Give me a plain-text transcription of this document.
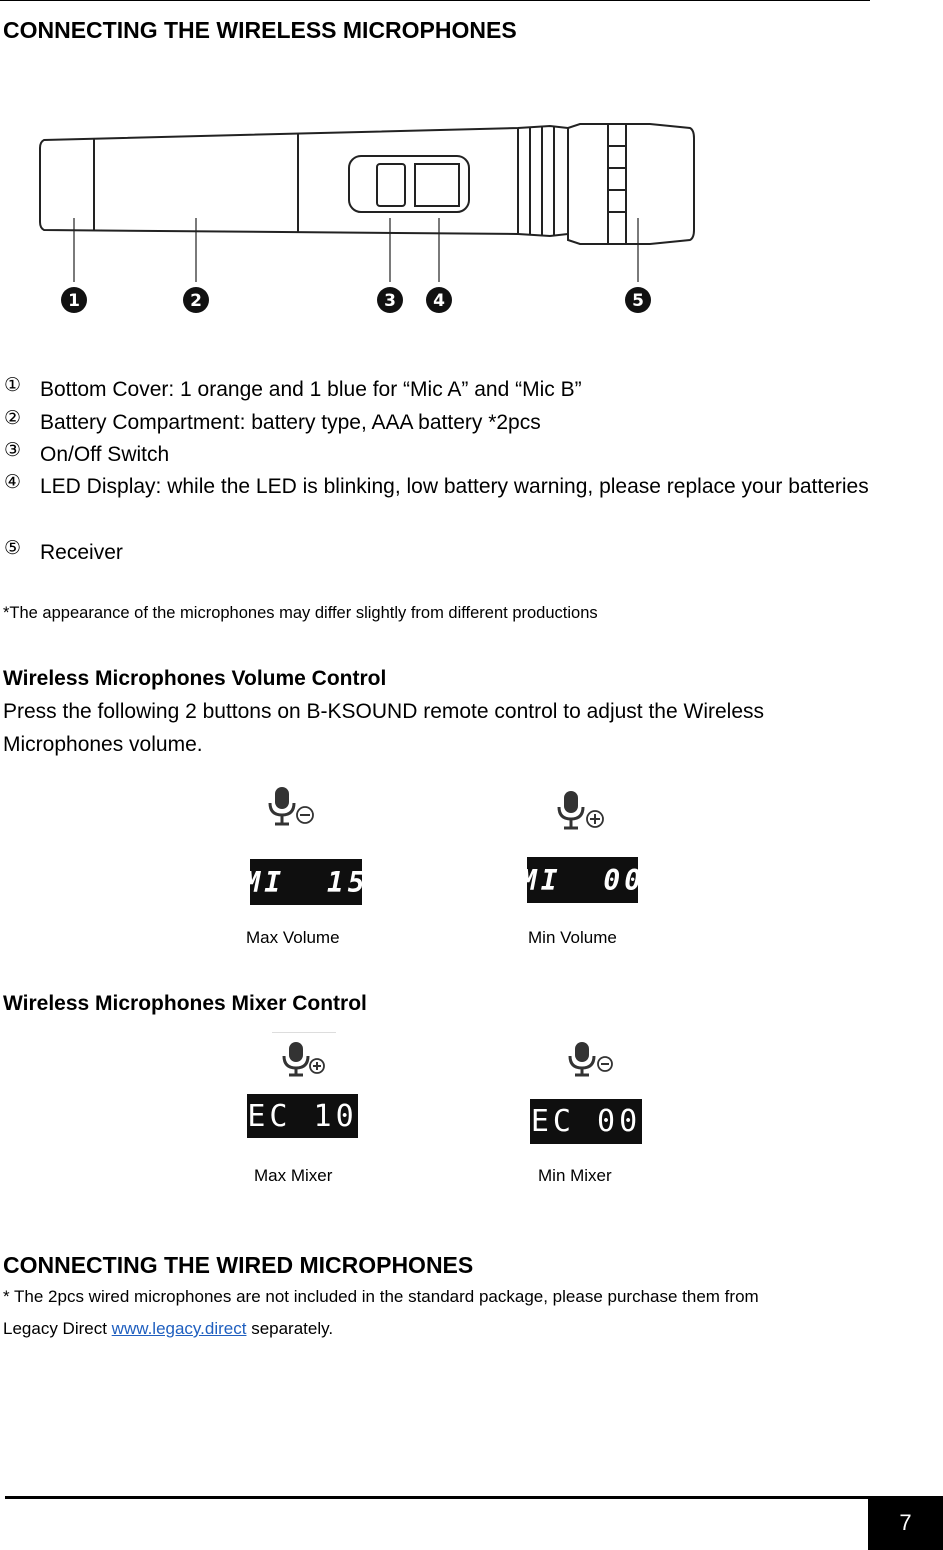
CONNECTING THE WIRELESS MICROPHONES
1	2	3 4	5
① Bottom Cover: 1 orange and 1 blue for “Mic A” and “Mic B”
② Battery Compartment: battery type, AAA battery *2pcs
③ On/Off Switch
④ LED Display: while the LED is blinking, low battery warning, please replace your batteries
⑤ Receiver
*The appearance of the microphones may differ slightly from different productions
Wireless Microphones Volume Control
Press the following 2 buttons on B-KSOUND remote control to adjust the Wireless Microphones volume.
MI  15	MI  00
Max Volume	Min Volume
Wireless Microphones Mixer Control
EC 10	EC 00
Max Mixer	Min Mixer
CONNECTING THE WIRED MICROPHONES
* The 2pcs wired microphones are not included in the standard package, please purchase them from
Legacy Direct www.legacy.direct separately.
7
